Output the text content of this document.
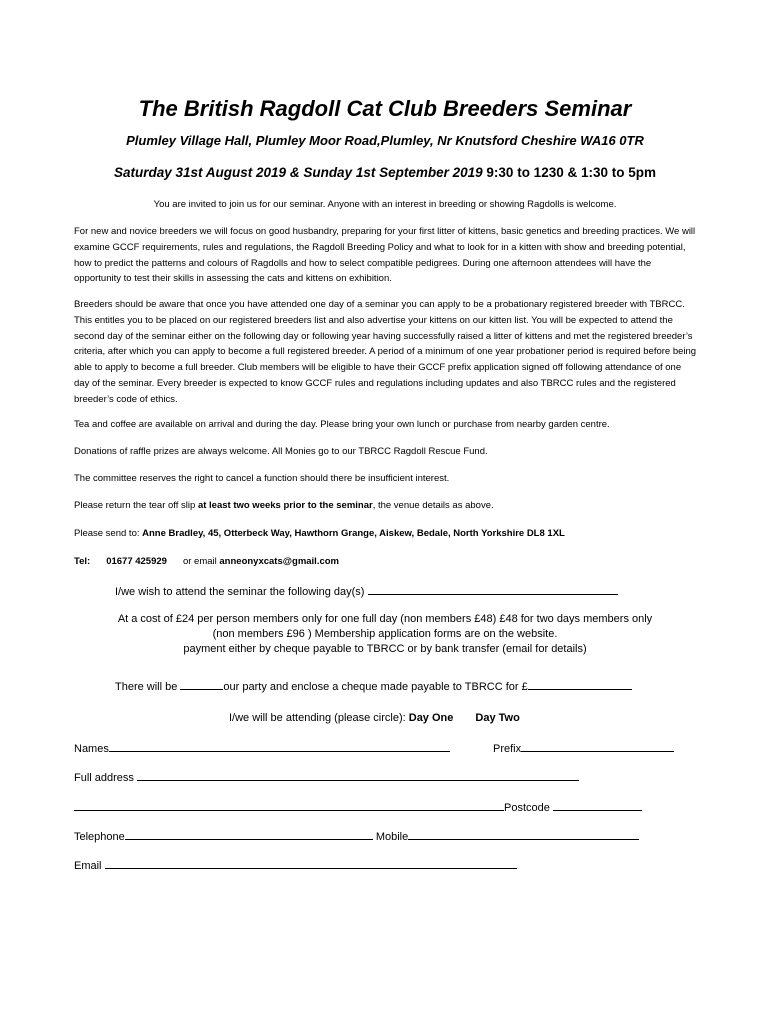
The British Ragdoll Cat Club Breeders Seminar
Plumley Village Hall, Plumley Moor Road,Plumley, Nr Knutsford Cheshire WA16 0TR
Saturday 31st August 2019 & Sunday 1st September 2019 9:30 to 1230 & 1:30 to 5pm
You are invited to join us for our seminar. Anyone with an interest in breeding or showing Ragdolls is welcome.
For new and novice breeders we will focus on good husbandry, preparing for your first litter of kittens, basic genetics and breeding practices. We will examine GCCF requirements, rules and regulations, the Ragdoll Breeding Policy and what to look for in a kitten with show and breeding potential, how to predict the patterns and colours of Ragdolls and how to select compatible pedigrees. During one afternoon attendees will have the opportunity to test their skills in assessing the cats and kittens on exhibition.
Breeders should be aware that once you have attended one day of a seminar you can apply to be a probationary registered breeder with TBRCC. This entitles you to be placed on our registered breeders list and also advertise your kittens on our kitten list. You will be expected to attend the second day of the seminar either on the following day or following year having successfully raised a litter of kittens and met the registered breeder’s criteria, after which you can apply to become a full registered breeder. A period of a minimum of one year probationer period is required before being able to apply to become a full breeder. Club members will be eligible to have their GCCF prefix application signed off following attendance of one day of the seminar. Every breeder is expected to know GCCF rules and regulations including updates and also TBRCC rules and the registered breeder’s code of ethics.
Tea and coffee are available on arrival and during the day. Please bring your own lunch or purchase from nearby garden centre.
Donations of raffle prizes are always welcome. All Monies go to our TBRCC Ragdoll Rescue Fund.
The committee reserves the right to cancel a function should there be insufficient interest.
Please return the tear off slip at least two weeks prior to the seminar, the venue details as above.
Please send to: Anne Bradley, 45, Otterbeck Way, Hawthorn Grange, Aiskew, Bedale, North Yorkshire DL8 1XL
Tel: 01677 425929 or email anneonyxcats@gmail.com
I/we wish to attend the seminar the following day(s)
At a cost of £24 per person members only for one full day (non members £48) £48 for two days members only
(non members £96 ) Membership application forms are on the website.
payment either by cheque payable to TBRCC or by bank transfer (email for details)
There will be	our party and enclose a cheque made payable to TBRCC for £
I/we will be attending (please circle): Day One Day Two
Names	Prefix
Full address
Postcode
Telephone	Mobile
Email
